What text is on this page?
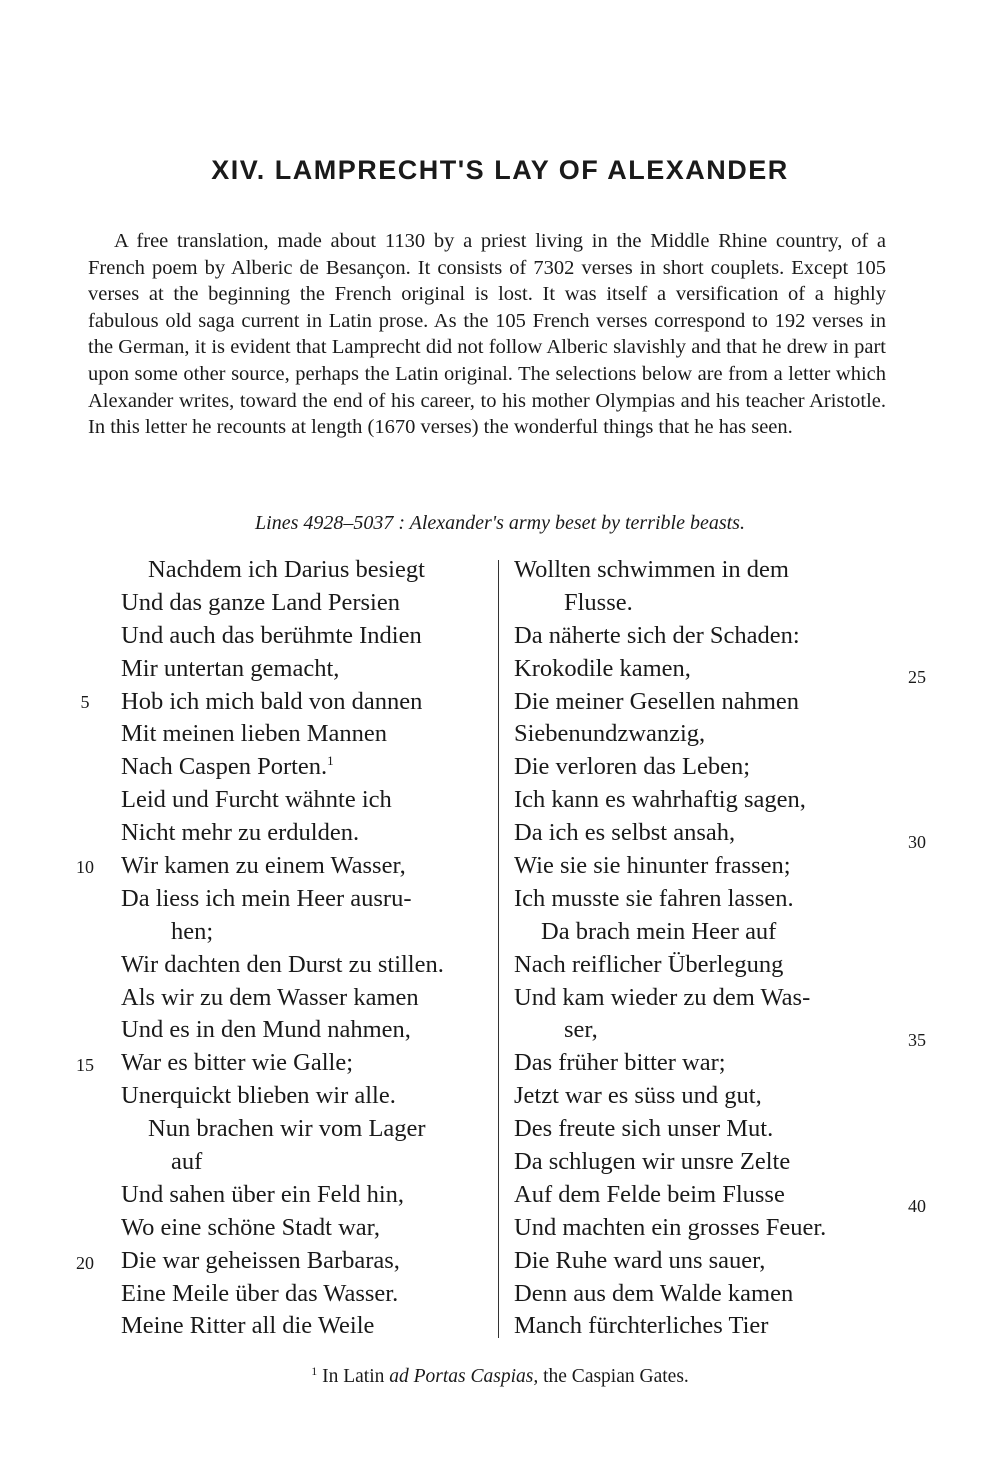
XIV. LAMPRECHT'S LAY OF ALEXANDER

A free translation, made about 1130 by a priest living in the Middle Rhine country, of a French poem by Alberic de Besançon. It consists of 7302 verses in short couplets. Except 105 verses at the beginning the French original is lost. It was itself a versification of a highly fabulous old saga current in Latin prose. As the 105 French verses correspond to 192 verses in the German, it is evident that Lamprecht did not follow Alberic slavishly and that he drew in part upon some other source, perhaps the Latin original. The selections below are from a letter which Alexander writes, toward the end of his career, to his mother Olympias and his teacher Aristotle. In this letter he recounts at length (1670 verses) the wonderful things that he has seen.

Lines 4928–5037 : Alexander's army beset by terrible beasts.

Nachdem ich Darius besiegt
Und das ganze Land Persien
Und auch das berühmte Indien
Mir untertan gemacht,
Hob ich mich bald von dannen
Mit meinen lieben Mannen
Nach Caspen Porten.$^1$
Leid und Furcht wähnte ich
Nicht mehr zu erdulden.
Wir kamen zu einem Wasser,
Da liess ich mein Heer ausru-
hen;
Wir dachten den Durst zu stillen.
Als wir zu dem Wasser kamen
Und es in den Mund nahmen,
War es bitter wie Galle;
Unerquickt blieben wir alle.
Nun brachen wir vom Lager
auf
Und sahen über ein Feld hin,
Wo eine schöne Stadt war,
Die war geheissen Barbaras,
Eine Meile über das Wasser.
Meine Ritter all die Weile
Wollten schwimmen in dem
Flusse.
Da näherte sich der Schaden:
Krokodile kamen,
Die meiner Gesellen nahmen
Siebenundzwanzig,
Die verloren das Leben;
Ich kann es wahrhaftig sagen,
Da ich es selbst ansah,
Wie sie sie hinunter frassen;
Ich musste sie fahren lassen.
Da brach mein Heer auf
Nach reiflicher Überlegung
Und kam wieder zu dem Was-
ser,
Das früher bitter war;
Jetzt war es süss und gut,
Des freute sich unser Mut.
Da schlugen wir unsre Zelte
Auf dem Felde beim Flusse
Und machten ein grosses Feuer.
Die Ruhe ward uns sauer,
Denn aus dem Walde kamen
Manch fürchterliches Tier
5
10
15
20
25
30
35
40

$^1$ In Latin ad Portas Caspias, the Caspian Gates.
